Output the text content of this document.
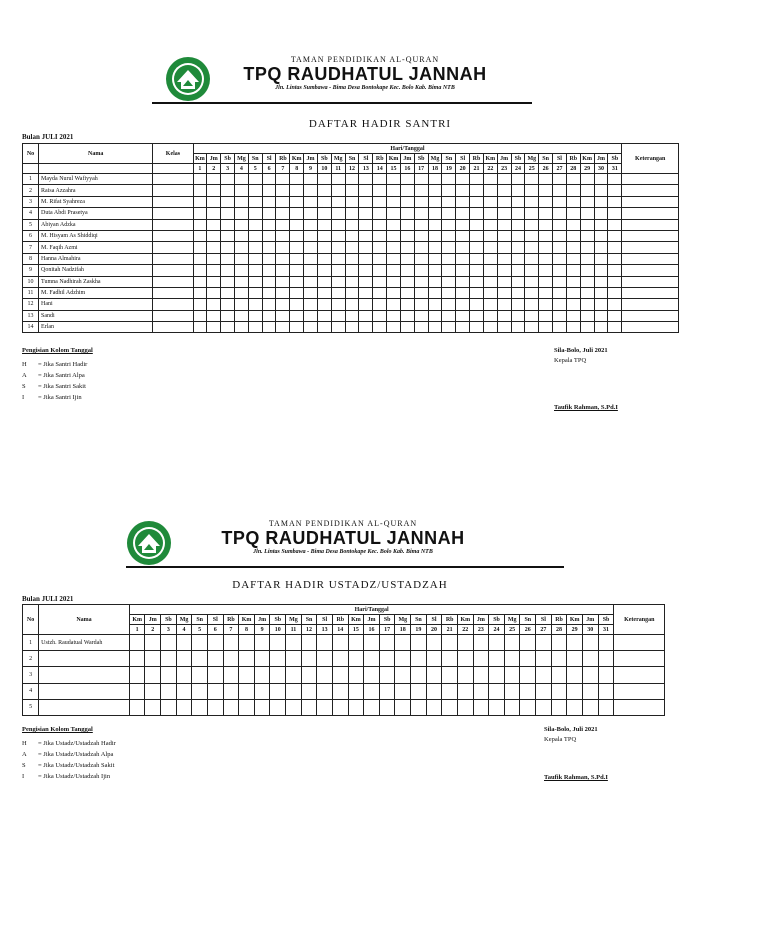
TAMAN PENDIDIKAN AL-QURAN
TPQ RAUDHATUL JANNAH
Jln. Lintas Sumbawa - Bima Desa Bontokape Kec. Bolo Kab. Bima NTB
DAFTAR HADIR SANTRI
Bulan JULI 2021
No	Nama	Kelas	Hari/Tanggal																															Keterangan
			Km	Jm	Sb	Mg	Sn	Sl	Rb	Km	Jm	Sb	Mg	Sn	Sl	Rb	Km	Jm	Sb	Mg	Sn	Sl	Rb	Km	Jm	Sb	Mg	Sn	Sl	Rb	Km	Jm	Sb	
			1	2	3	4	5	6	7	8	9	10	11	12	13	14	15	16	17	18	19	20	21	22	23	24	25	26	27	28	29	30	31	
1	Mayda Nurul Wafiyyah																																	
2	Raisa Azzahra																																	
3	M. Rifat Syahreza																																	
4	Duta Abdi Prasetya																																	
5	Abiyan Adzka																																	
6	M. Hisyam As Shiddiqi																																	
7	M. Faqih Azmi																																	
8	Hanna Almahira																																	
9	Qonitah Nadzifah																																	
10	Tumna Nadhirah Zaskha																																	
11	M. Fadhil Adzhim																																	
12	Hani																																	
13	Sandi																																	
14	Erlan																																	
Pengisian Kolom Tanggal
H	= Jika Santri Hadir
A	= Jika Santri Alpa
S	= Jika Santri Sakit
I	= Jika Santri Ijin
Sila-Bolo, Juli 2021
Kepala TPQ
Taufik Rahman, S.Pd.I
TAMAN PENDIDIKAN AL-QURAN
TPQ RAUDHATUL JANNAH
Jln. Lintas Sumbawa - Bima Desa Bontokape Kec. Bolo Kab. Bima NTB
DAFTAR HADIR USTADZ/USTADZAH
Bulan JULI 2021
No	Nama	Hari/Tanggal																															Keterangan
		Km	Jm	Sb	Mg	Sn	Sl	Rb	Km	Jm	Sb	Mg	Sn	Sl	Rb	Km	Jm	Sb	Mg	Sn	Sl	Rb	Km	Jm	Sb	Mg	Sn	Sl	Rb	Km	Jm	Sb	
		1	2	3	4	5	6	7	8	9	10	11	12	13	14	15	16	17	18	19	20	21	22	23	24	25	26	27	28	29	30	31	
1	Ustzh. Raudatual Wardah																																
2																																	
3																																	
4																																	
5																																	
Pengisian Kolom Tanggal
H	= Jika Ustadz/Ustadzah Hadir
A	= Jika Ustadz/Ustadzah Alpa
S	= Jika Ustadz/Ustadzah Sakit
I	= Jika Ustadz/Ustadzah Ijin
Sila-Bolo, Juli 2021
Kepala TPQ
Taufik Rahman, S.Pd.I
